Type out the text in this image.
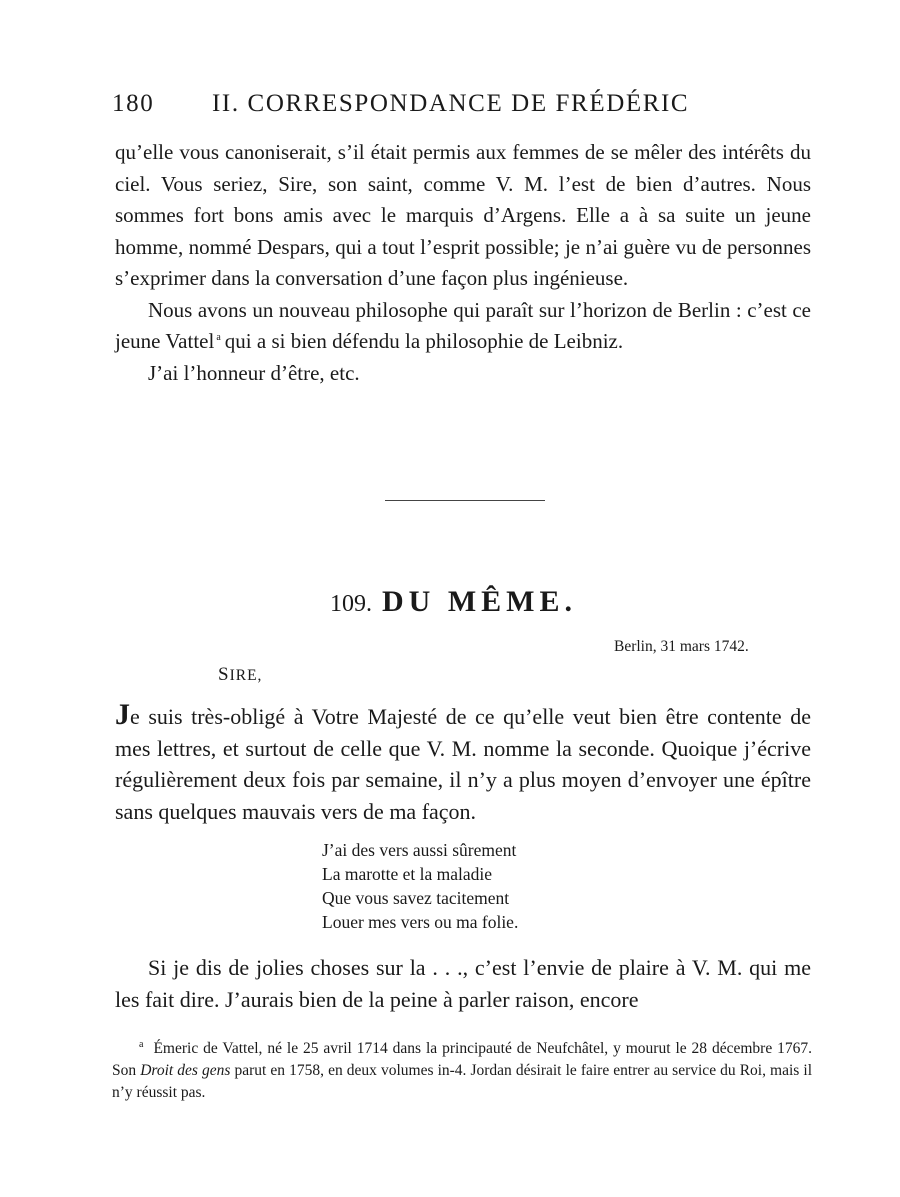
180 II. CORRESPONDANCE DE FRÉDÉRIC

qu’elle vous canoniserait, s’il était permis aux femmes de se mêler des intérêts du ciel. Vous seriez, Sire, son saint, comme V. M. l’est de bien d’autres. Nous sommes fort bons amis avec le marquis d’Argens. Elle a à sa suite un jeune homme, nommé Despars, qui a tout l’esprit possible; je n’ai guère vu de personnes s’exprimer dans la conversation d’une façon plus ingénieuse.

Nous avons un nouveau philosophe qui paraît sur l’horizon de Berlin : c’est ce jeune Vattel $^a$ qui a si bien défendu la philosophie de Leibniz.

J’ai l’honneur d’être, etc.

109. DU MÊME.
Berlin, 31 mars 1742.
SIRE,

Je suis très-obligé à Votre Majesté de ce qu’elle veut bien être contente de mes lettres, et surtout de celle que V. M. nomme la seconde. Quoique j’écrive régulièrement deux fois par semaine, il n’y a plus moyen d’envoyer une épître sans quelques mauvais vers de ma façon.

J’ai des vers aussi sûrement
La marotte et la maladie
Que vous savez tacitement
Louer mes vers ou ma folie.

Si je dis de jolies choses sur la . . ., c’est l’envie de plaire à V. M. qui me les fait dire. J’aurais bien de la peine à parler raison, encore

$^a$ Émeric de Vattel, né le 25 avril 1714 dans la principauté de Neufchâtel, y mourut le 28 décembre 1767. Son Droit des gens parut en 1758, en deux volumes in-4. Jordan désirait le faire entrer au service du Roi, mais il n’y réussit pas.
